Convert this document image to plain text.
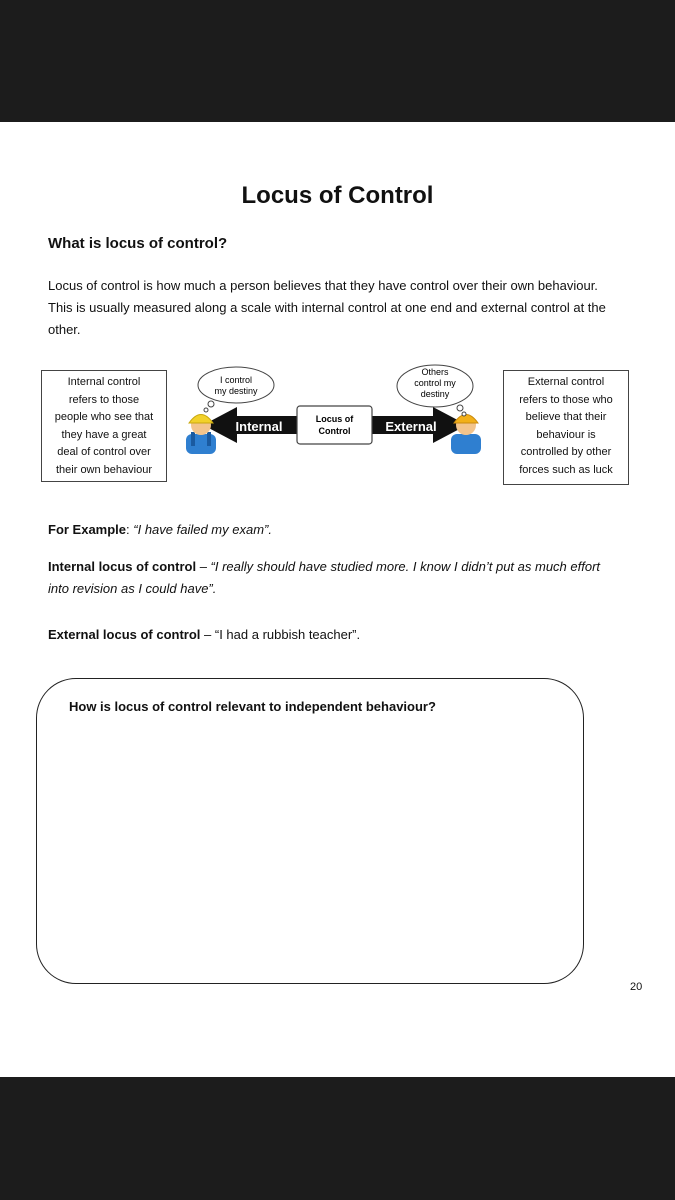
Locus of Control
What is locus of control?
Locus of control is how much a person believes that they have control over their own behaviour.
This is usually measured along a scale with internal control at one end and external control at the
other.
Internal control
refers to those
people who see that
they have a great
deal of control over
their own behaviour
External control
refers to those who
believe that their
behaviour is
controlled by other
forces such as luck
Internal	External
Locus of
Control
I control
my destiny
Others
control my
destiny
For Example: “I have failed my exam”.
Internal locus of control – “I really should have studied more. I know I didn’t put as much effort
into revision as I could have”.
External locus of control – “I had a rubbish teacher”.
How is locus of control relevant to independent behaviour?
20
